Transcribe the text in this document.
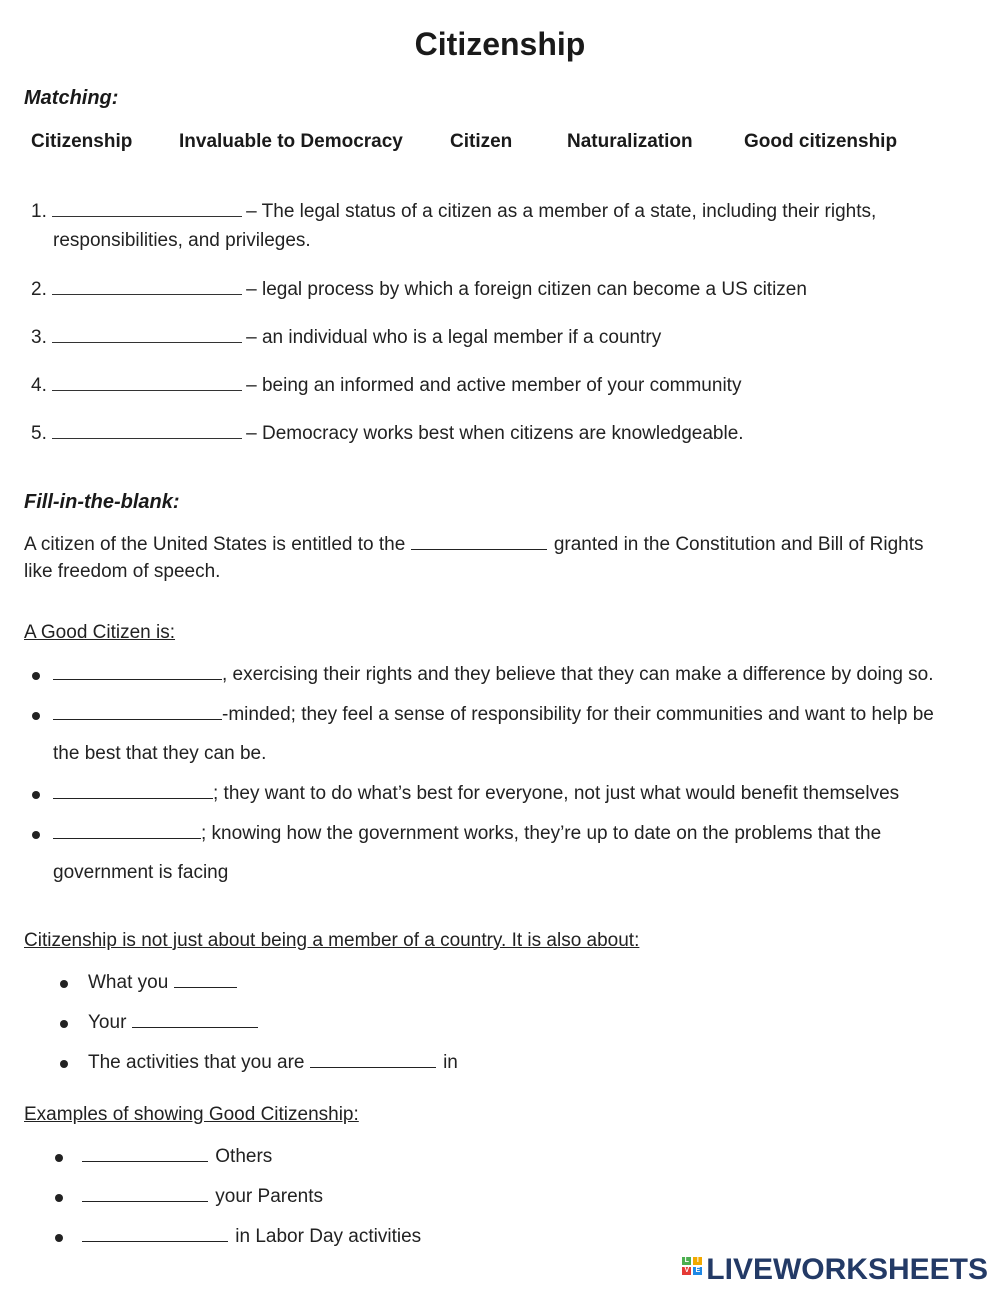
Citizenship
Matching:
Citizenship Invaluable to Democracy Citizen	Naturalization	Good citizenship
1.	– The legal status of a citizen as a member of a state, including their rights,
responsibilities, and privileges.
2.	– legal process by which a foreign citizen can become a US citizen
3.	– an individual who is a legal member if a country
4.	– being an informed and active member of your community
5.	– Democracy works best when citizens are knowledgeable.
Fill-in-the-blank:
A citizen of the United States is entitled to the	granted in the Constitution and Bill of Rights
like freedom of speech.
A Good Citizen is:
, exercising their rights and they believe that they can make a difference by doing so.
-minded; they feel a sense of responsibility for their communities and want to help be
the best that they can be.
; they want to do what’s best for everyone, not just what would benefit themselves
; knowing how the government works, they’re up to date on the problems that the
government is facing
Citizenship is not just about being a member of a country. It is also about:
What you
Your
The activities that you are	in
Examples of showing Good Citizenship:
Others
your Parents
in Labor Day activities
L	I
V E LIVEWORKSHEETS
